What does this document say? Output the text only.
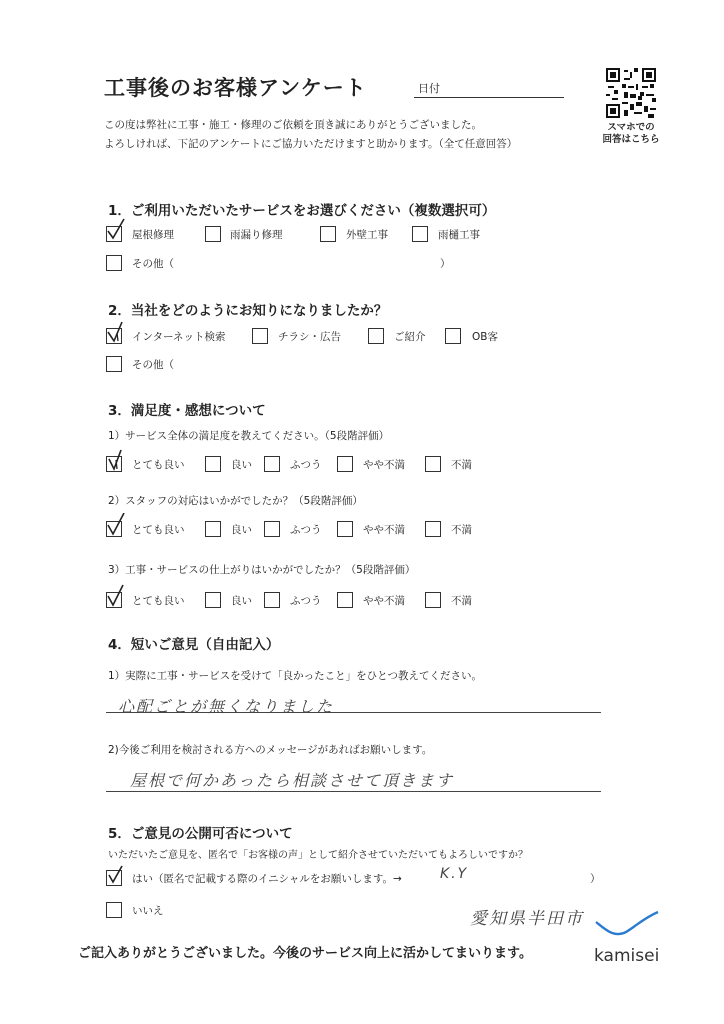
工事後のお客様アンケート	日付
スマホでの
回答はこちら
この度は弊社に工事・施工・修理のご依頼を頂き誠にありがとうございました。
よろしければ、下記のアンケートにご協力いただけますと助かります。（全て任意回答）
1．ご利用いただいたサービスをお選びください（複数選択可）
屋根修理	雨漏り修理	外壁工事	雨樋工事
その他（	）
2．当社をどのようにお知りになりましたか？
インターネット検索	チラシ・広告	ご紹介	OB客
その他（
3．満足度・感想について
1）サービス全体の満足度を教えてください。（5段階評価）
とても良い	良い	ふつう	やや不満	不満
2）スタッフの対応はいかがでしたか？（5段階評価）
とても良い	良い	ふつう	やや不満	不満
3）工事・サービスの仕上がりはいかがでしたか？（5段階評価）
とても良い	良い	ふつう	やや不満	不満
4．短いご意見（自由記入）
1）実際に工事・サービスを受けて「良かったこと」をひとつ教えてください。
心配ごとが無くなりました
2)今後ご利用を検討される方へのメッセージがあればお願いします。
屋根で何かあったら相談させて頂きます
5．ご意見の公開可否について
いただいたご意見を、匿名で「お客様の声」として紹介させていただいてもよろしいですか？
はい（匿名で記載する際のイニシャルをお願いします。→	K.Y	）
いいえ	愛知県半田市
ご記入ありがとうございました。今後のサービス向上に活かしてまいります。	kamisei
